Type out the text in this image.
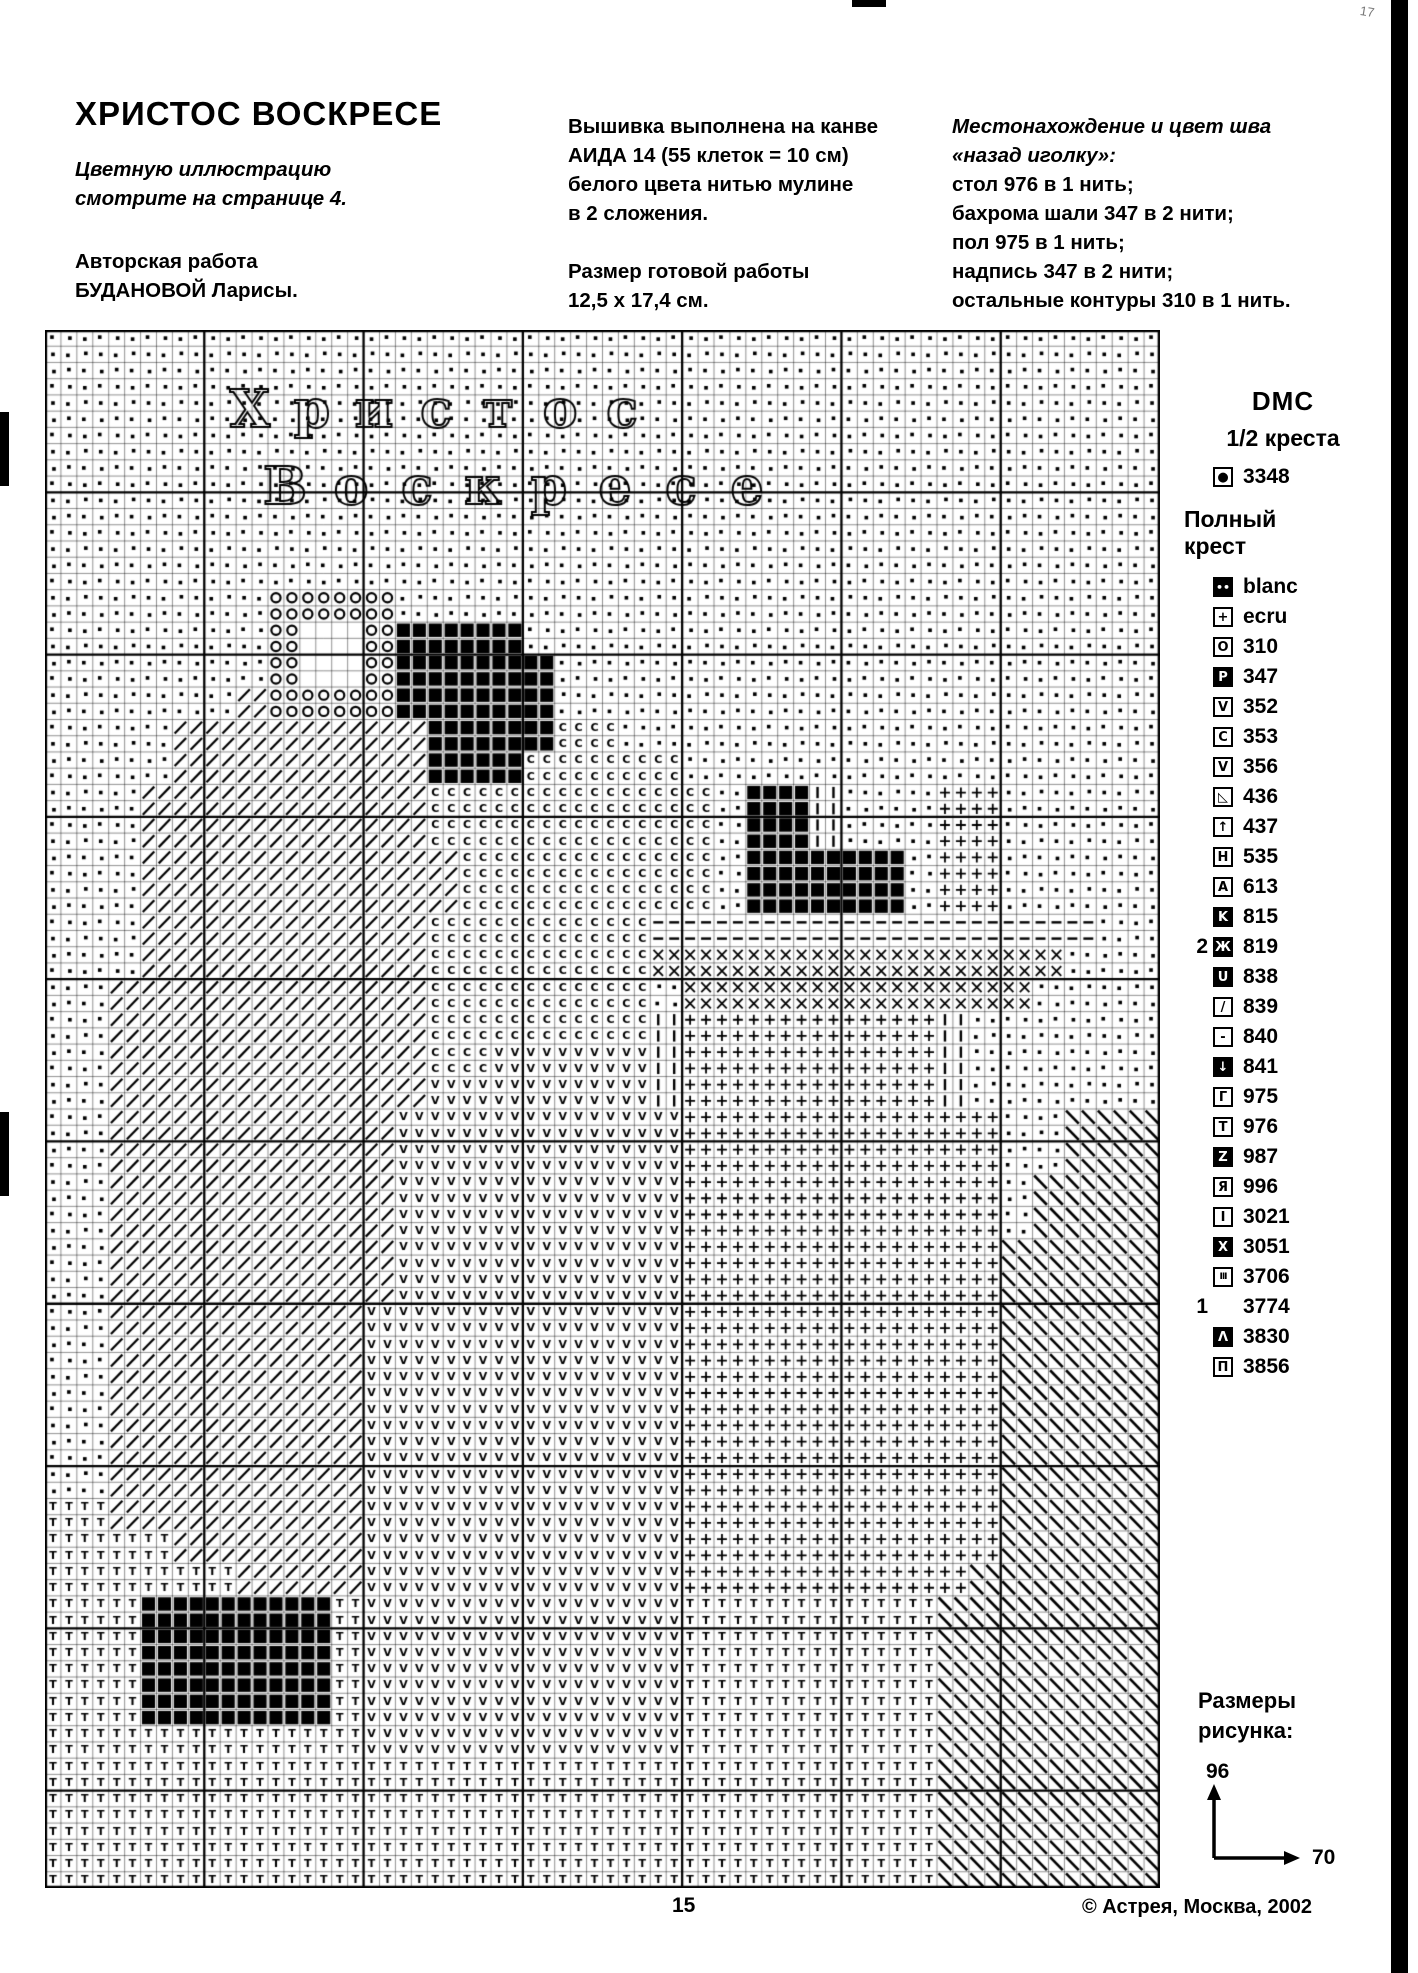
17
ХРИСТОС ВОСКРЕСЕ
Цветную иллюстрацию
смотрите на странице 4.
Авторская работа
БУДАНОВОЙ Ларисы.
Вышивка выполнена на канве
АИДА 14 (55 клеток = 10 см)
белого цвета нитью мулине
в 2 сложения.
Размер готовой работы
12,5 х 17,4 см.
Местонахождение и цвет шва
«назад иголку»:
стол 976 в 1 нить;
бахрома шали 347 в 2 нити;
пол 975 в 1 нить;
надпись 347 в 2 нити;
остальные контуры 310 в 1 нить.
DMC
1/2 креста
● 3348
Полный
крест
•• blanc
+ ecru
O 310
P 347
V 352
C 353
V 356
◺ 436
↑ 437
H 535
A 613
K 815
2 Ж 819
U 838
/ 839
- 840
↓ 841
Г 975
T 976
Z 987
Я 996
I 3021
X 3051
III 3706
1 3774
Λ 3830
П 3856
Размеры
рисунка:
96
70
15	© Астрея, Москва, 2002
